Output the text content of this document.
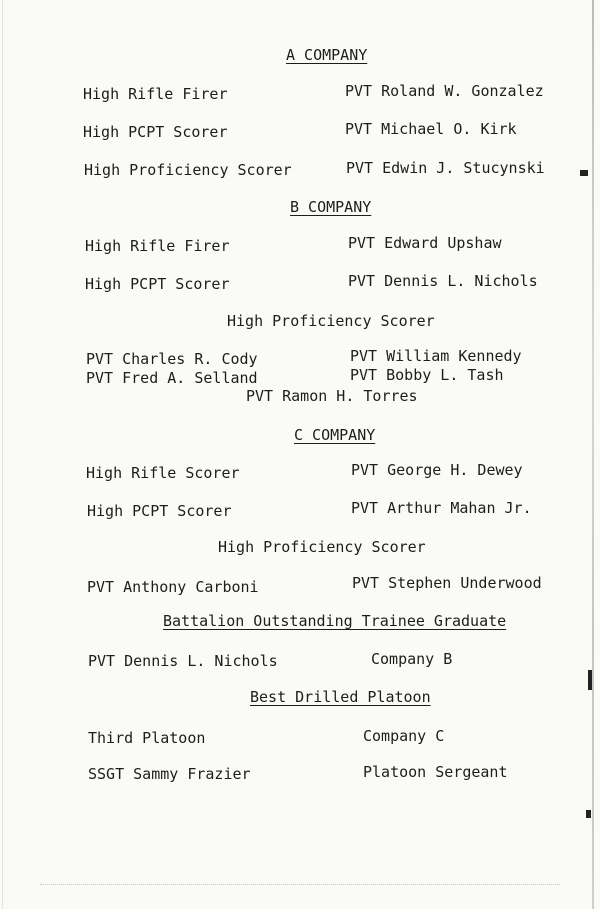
A COMPANY
High Rifle Firer	PVT Roland W. Gonzalez
High PCPT Scorer	PVT Michael O. Kirk
High Proficiency Scorer	PVT Edwin J. Stucynski
B COMPANY
High Rifle Firer	PVT Edward Upshaw
High PCPT Scorer	PVT Dennis L. Nichols
High Proficiency Scorer
PVT Charles R. Cody	PVT William Kennedy
PVT Fred A. Selland	PVT Bobby L. Tash
PVT Ramon H. Torres
C COMPANY
High Rifle Scorer	PVT George H. Dewey
High PCPT Scorer	PVT Arthur Mahan Jr.
High Proficiency Scorer
PVT Anthony Carboni	PVT Stephen Underwood
Battalion Outstanding Trainee Graduate
PVT Dennis L. Nichols	Company B
Best Drilled Platoon
Third Platoon	Company C
SSGT Sammy Frazier	Platoon Sergeant
